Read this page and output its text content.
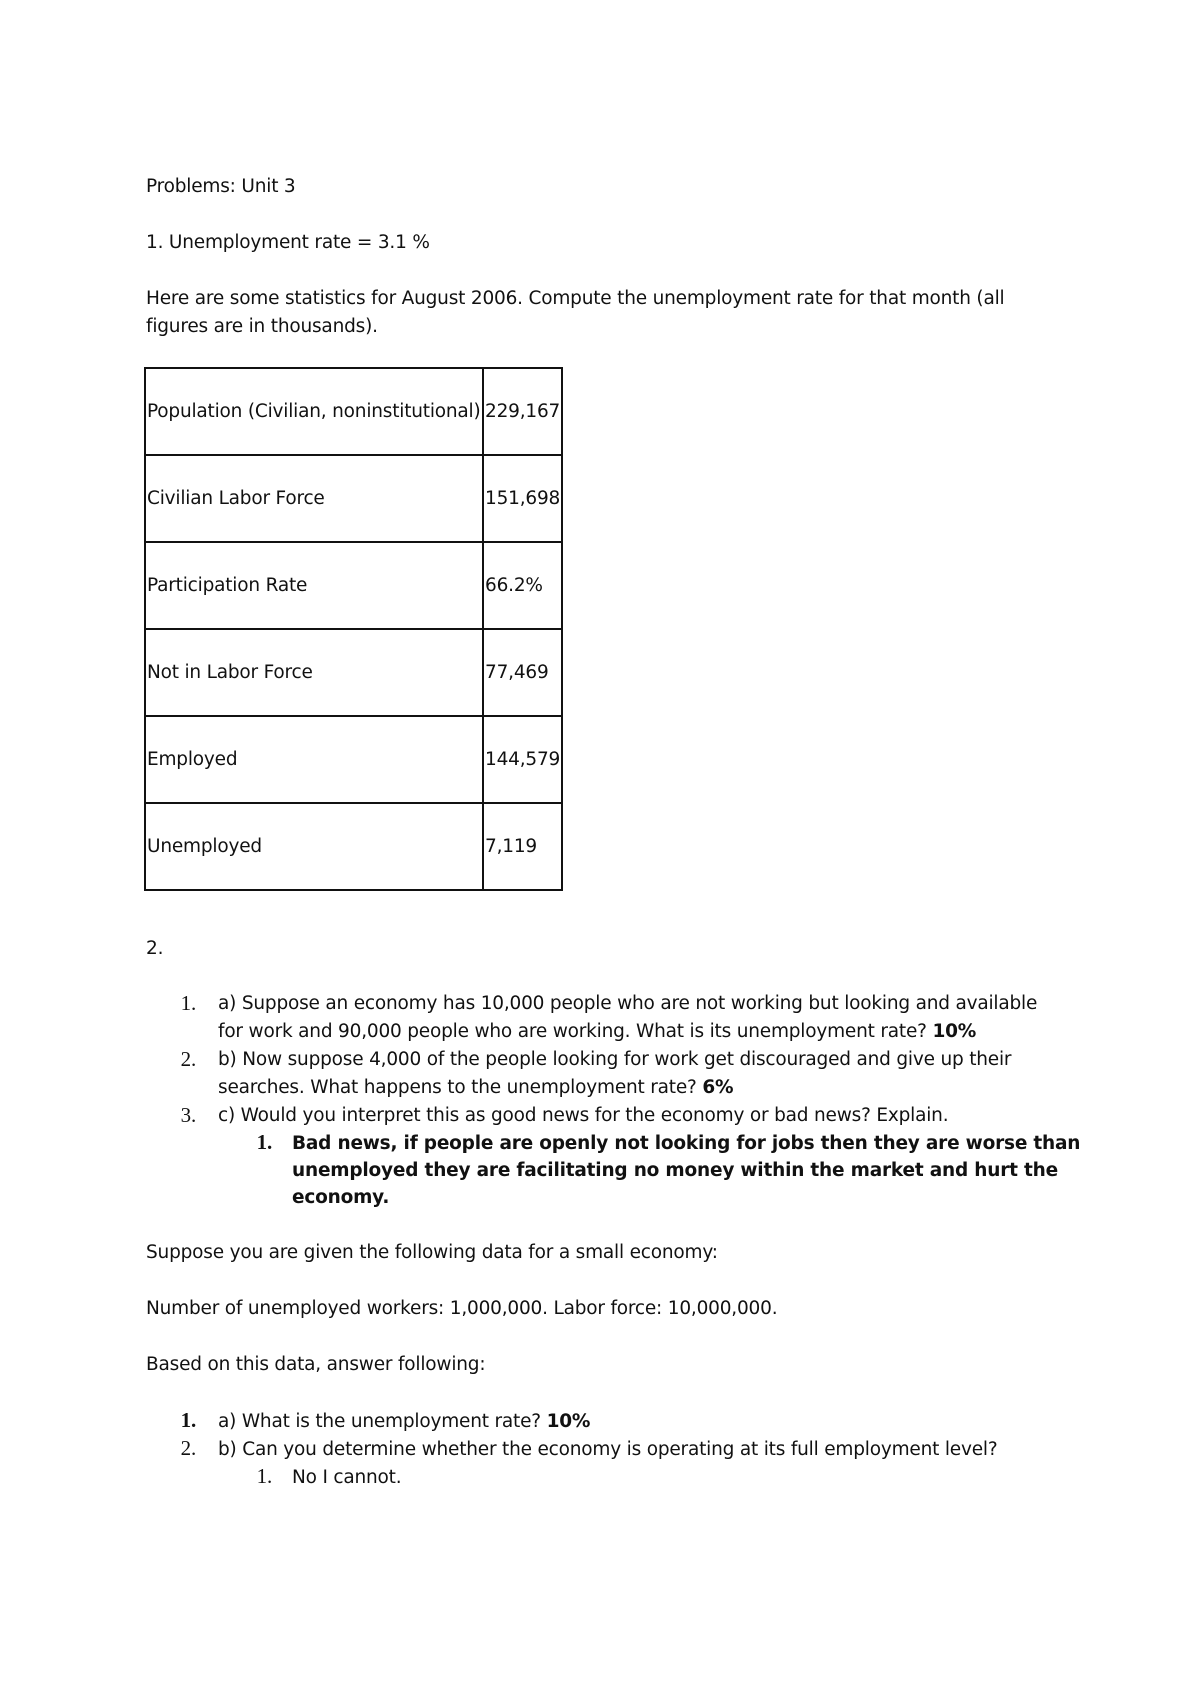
Problems: Unit 3
1. Unemployment rate = 3.1 %
Here are some statistics for August 2006. Compute the unemployment rate for that month (all
figures are in thousands).
Population (Civilian, noninstitutional)	229,167
Civilian Labor Force	151,698
Participation Rate	66.2%
Not in Labor Force	77,469
Employed	144,579
Unemployed	7,119
2.
1. a) Suppose an economy has 10,000 people who are not working but looking and available
for work and 90,000 people who are working. What is its unemployment rate? 10%
2. b) Now suppose 4,000 of the people looking for work get discouraged and give up their
searches. What happens to the unemployment rate? 6%
3. c) Would you interpret this as good news for the economy or bad news? Explain.
1. Bad news, if people are openly not looking for jobs then they are worse than
unemployed they are facilitating no money within the market and hurt the
economy.
Suppose you are given the following data for a small economy:
Number of unemployed workers: 1,000,000. Labor force: 10,000,000.
Based on this data, answer following:
1. a) What is the unemployment rate? 10%
2. b) Can you determine whether the economy is operating at its full employment level?
1. No I cannot.
